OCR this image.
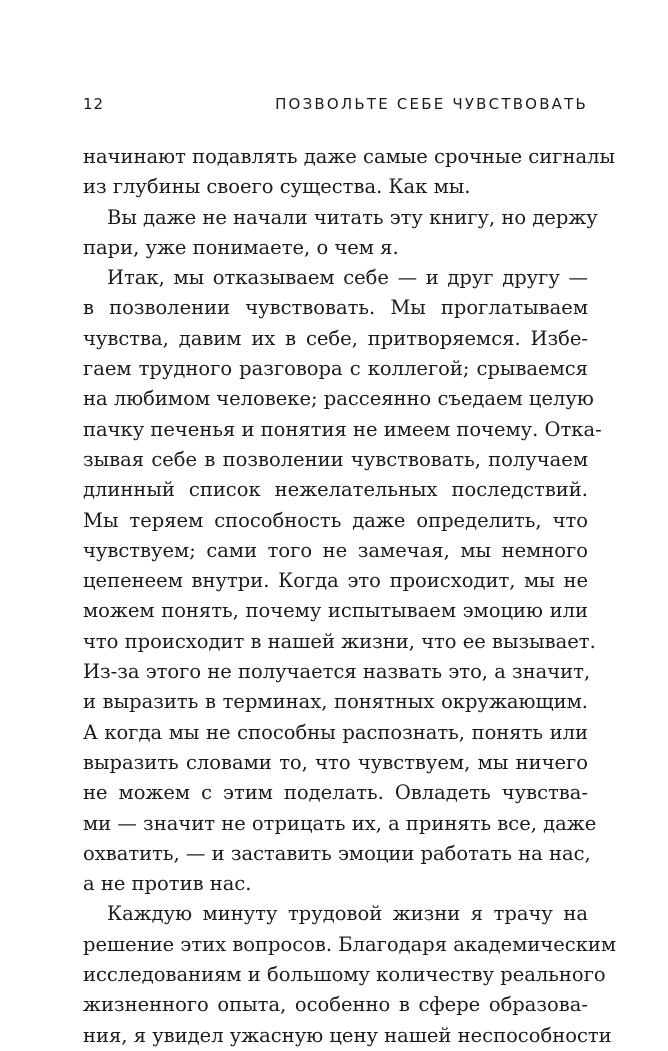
12	ПОЗВОЛЬТЕ СЕБЕ ЧУВСТВОВАТЬ
начинают подавлять даже самые срочные сигналы
из глубины своего существа. Как мы.
Вы даже не начали читать эту книгу, но держу
пари, уже понимаете, о чем я.
Итак, мы отказываем себе — и друг другу —
в позволении чувствовать. Мы проглатываем
чувства, давим их в себе, притворяемся. Избе-
гаем трудного разговора с коллегой; срываемся
на любимом человеке; рассеянно съедаем целую
пачку печенья и понятия не имеем почему. Отка-
зывая себе в позволении чувствовать, получаем
длинный список нежелательных последствий.
Мы теряем способность даже определить, что
чувствуем; сами того не замечая, мы немного
цепенеем внутри. Когда это происходит, мы не
можем понять, почему испытываем эмоцию или
что происходит в нашей жизни, что ее вызывает.
Из-за этого не получается назвать это, а значит,
и выразить в терминах, понятных окружающим.
А когда мы не способны распознать, понять или
выразить словами то, что чувствуем, мы ничего
не можем с этим поделать. Овладеть чувства-
ми — значит не отрицать их, а принять все, даже
охватить, — и заставить эмоции работать на нас,
а не против нас.
Каждую минуту трудовой жизни я трачу на
решение этих вопросов. Благодаря академическим
исследованиям и большому количеству реального
жизненного опыта, особенно в сфере образова-
ния, я увидел ужасную цену нашей неспособности
